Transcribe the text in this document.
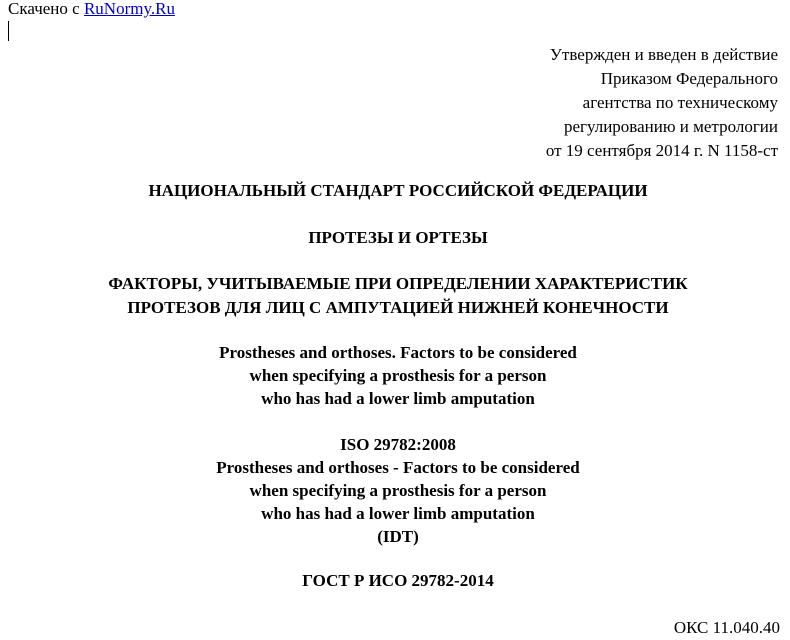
Скачено с RuNormy.Ru
Утвержден и введен в действие
Приказом Федерального
агентства по техническому
регулированию и метрологии
от 19 сентября 2014 г. N 1158-ст
НАЦИОНАЛЬНЫЙ СТАНДАРТ РОССИЙСКОЙ ФЕДЕРАЦИИ
ПРОТЕЗЫ И ОРТЕЗЫ
ФАКТОРЫ, УЧИТЫВАЕМЫЕ ПРИ ОПРЕДЕЛЕНИИ ХАРАКТЕРИСТИК
ПРОТЕЗОВ ДЛЯ ЛИЦ С АМПУТАЦИЕЙ НИЖНЕЙ КОНЕЧНОСТИ
Prostheses and orthoses. Factors to be considered
when specifying a prosthesis for a person
who has had a lower limb amputation
ISO 29782:2008
Prostheses and orthoses - Factors to be considered
when specifying a prosthesis for a person
who has had a lower limb amputation
(IDT)
ГОСТ Р ИСО 29782-2014
ОКС 11.040.40
